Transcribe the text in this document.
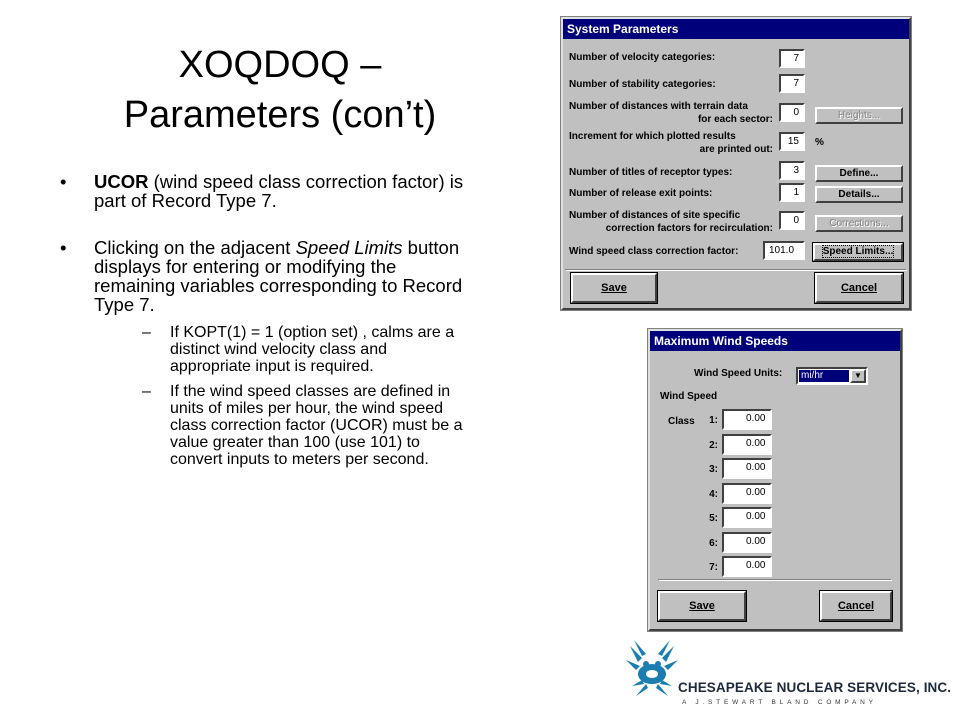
XOQDOQ –
Parameters (con’t)
• UCOR (wind speed class correction factor) is part of Record Type 7.
• Clicking on the adjacent Speed Limits button displays for entering or modifying the remaining variables corresponding to Record Type 7.
– If KOPT(1) = 1 (option set) , calms are a distinct wind velocity class and appropriate input is required.
– If the wind speed classes are defined in units of miles per hour, the wind speed class correction factor (UCOR) must be a value greater than 100 (use 101) to convert inputs to meters per second.
System Parameters
Number of velocity categories:	7
Number of stability categories:	7
Number of distances with terrain data
for each sector:
0	Heights...
Increment for which plotted results
are printed out:
15	%
Number of titles of receptor types:	3	Define...
Number of release exit points:	1	Details...
Number of distances of site specific
correction factors for recirculation:
0	Corrections...
Wind speed class correction factor:	101.0	Speed Limits...
Save	Cancel
Maximum Wind Speeds
Wind Speed Units: mi/hr	▼
Wind Speed
Class	1:	0.00
2:	0.00
3:	0.00
4:	0.00
5:	0.00
6:	0.00
7:	0.00
Save	Cancel
CHESAPEAKE NUCLEAR SERVICES, INC.
A J.STEWART BLAND COMPANY
